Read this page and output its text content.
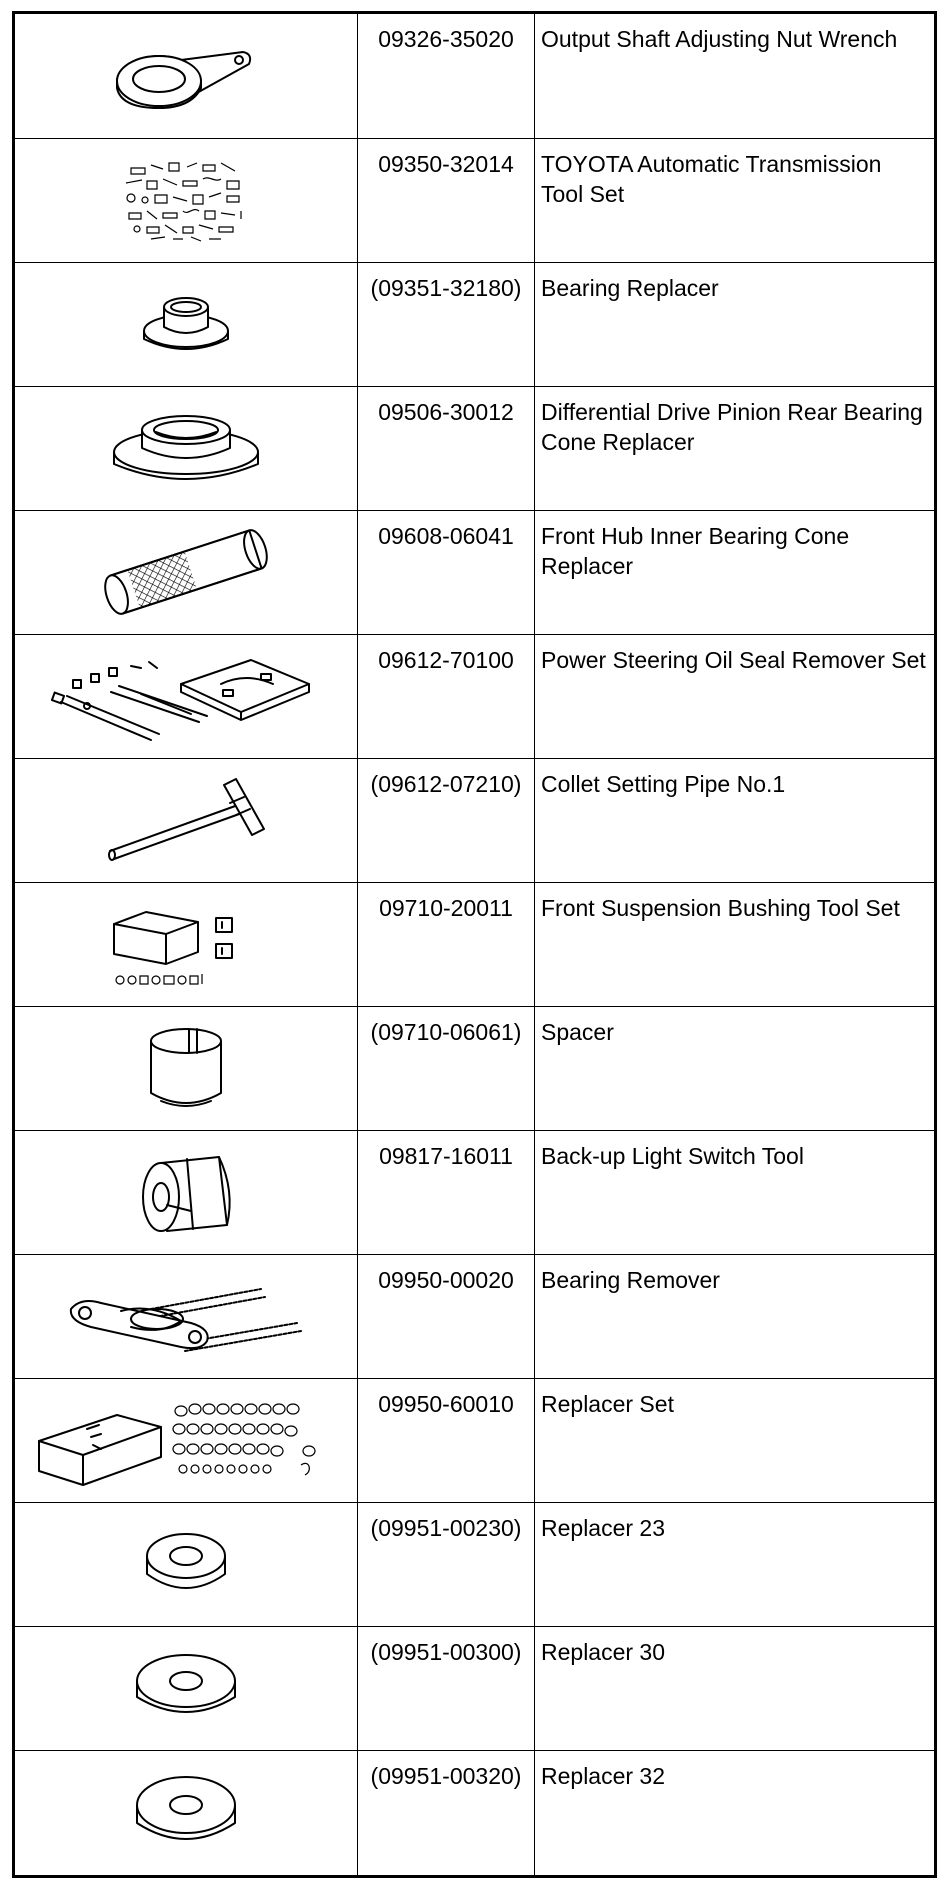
	09326-35020	Output Shaft Adjusting Nut Wrench	

	09350-32014	TOYOTA Automatic Transmission Tool Set	

	(09351-32180)	Bearing Replacer	

	09506-30012	Differential Drive Pinion Rear Bearing Cone Replacer	

	09608-06041	Front Hub Inner Bearing Cone Replacer	

	09612-70100	Power Steering Oil Seal Remover Set	

	(09612-07210)	Collet Setting Pipe No.1	

	09710-20011	Front Suspension Bushing Tool Set	

	(09710-06061)	Spacer	

	09817-16011	Back-up Light Switch Tool	

	09950-00020	Bearing Remover	

	09950-60010	Replacer Set	

	(09951-00230)	Replacer 23	

	(09951-00300)	Replacer 30	

	(09951-00320)	Replacer 32	
